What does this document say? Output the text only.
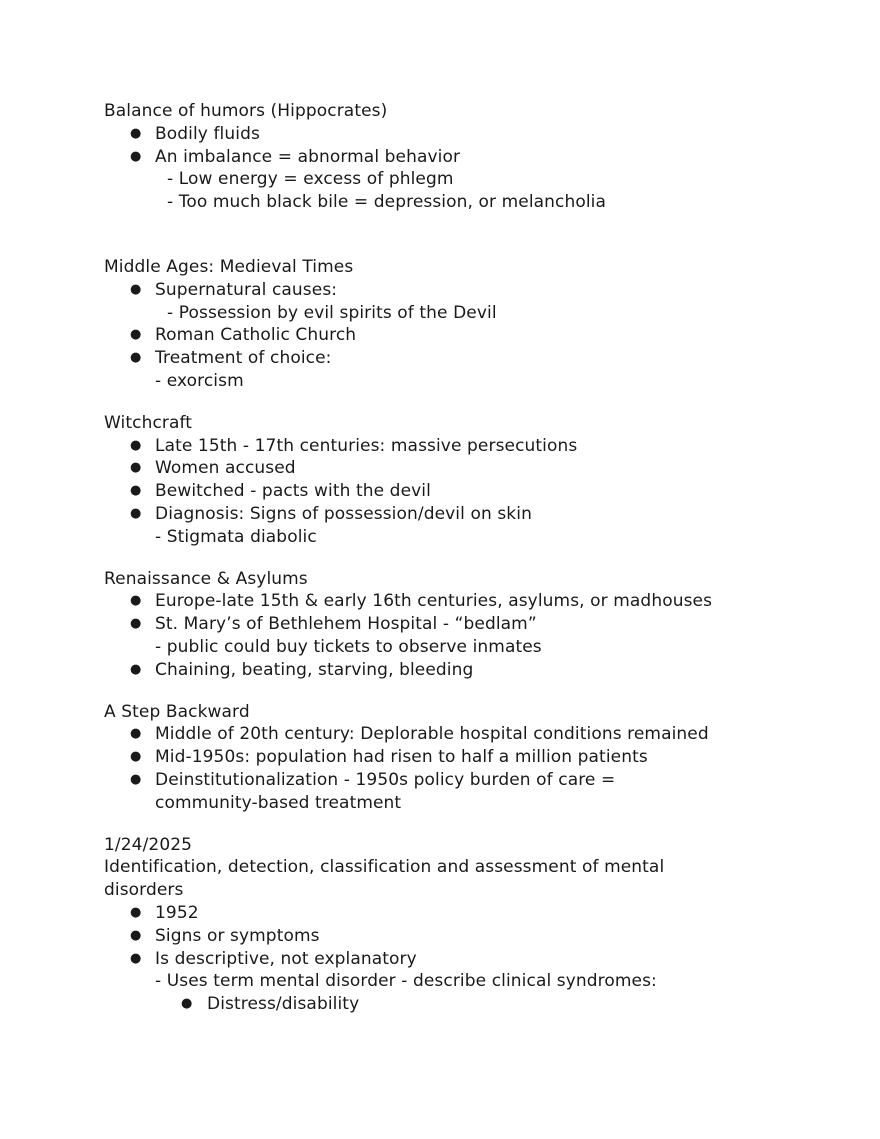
Balance of humors (Hippocrates)
● Bodily fluids
● An imbalance = abnormal behavior
- Low energy = excess of phlegm
- Too much black bile = depression, or melancholia
Middle Ages: Medieval Times
● Supernatural causes:
- Possession by evil spirits of the Devil
● Roman Catholic Church
● Treatment of choice:
- exorcism
Witchcraft
● Late 15th - 17th centuries: massive persecutions
● Women accused
● Bewitched - pacts with the devil
● Diagnosis: Signs of possession/devil on skin
- Stigmata diabolic
Renaissance & Asylums
● Europe-late 15th & early 16th centuries, asylums, or madhouses
● St. Mary’s of Bethlehem Hospital - “bedlam”
- public could buy tickets to observe inmates
● Chaining, beating, starving, bleeding
A Step Backward
● Middle of 20th century: Deplorable hospital conditions remained
● Mid-1950s: population had risen to half a million patients
● Deinstitutionalization - 1950s policy burden of care = community-based treatment
1/24/2025
Identification, detection, classification and assessment of mental disorders
● 1952
● Signs or symptoms
● Is descriptive, not explanatory
- Uses term mental disorder - describe clinical syndromes:
● Distress/disability
